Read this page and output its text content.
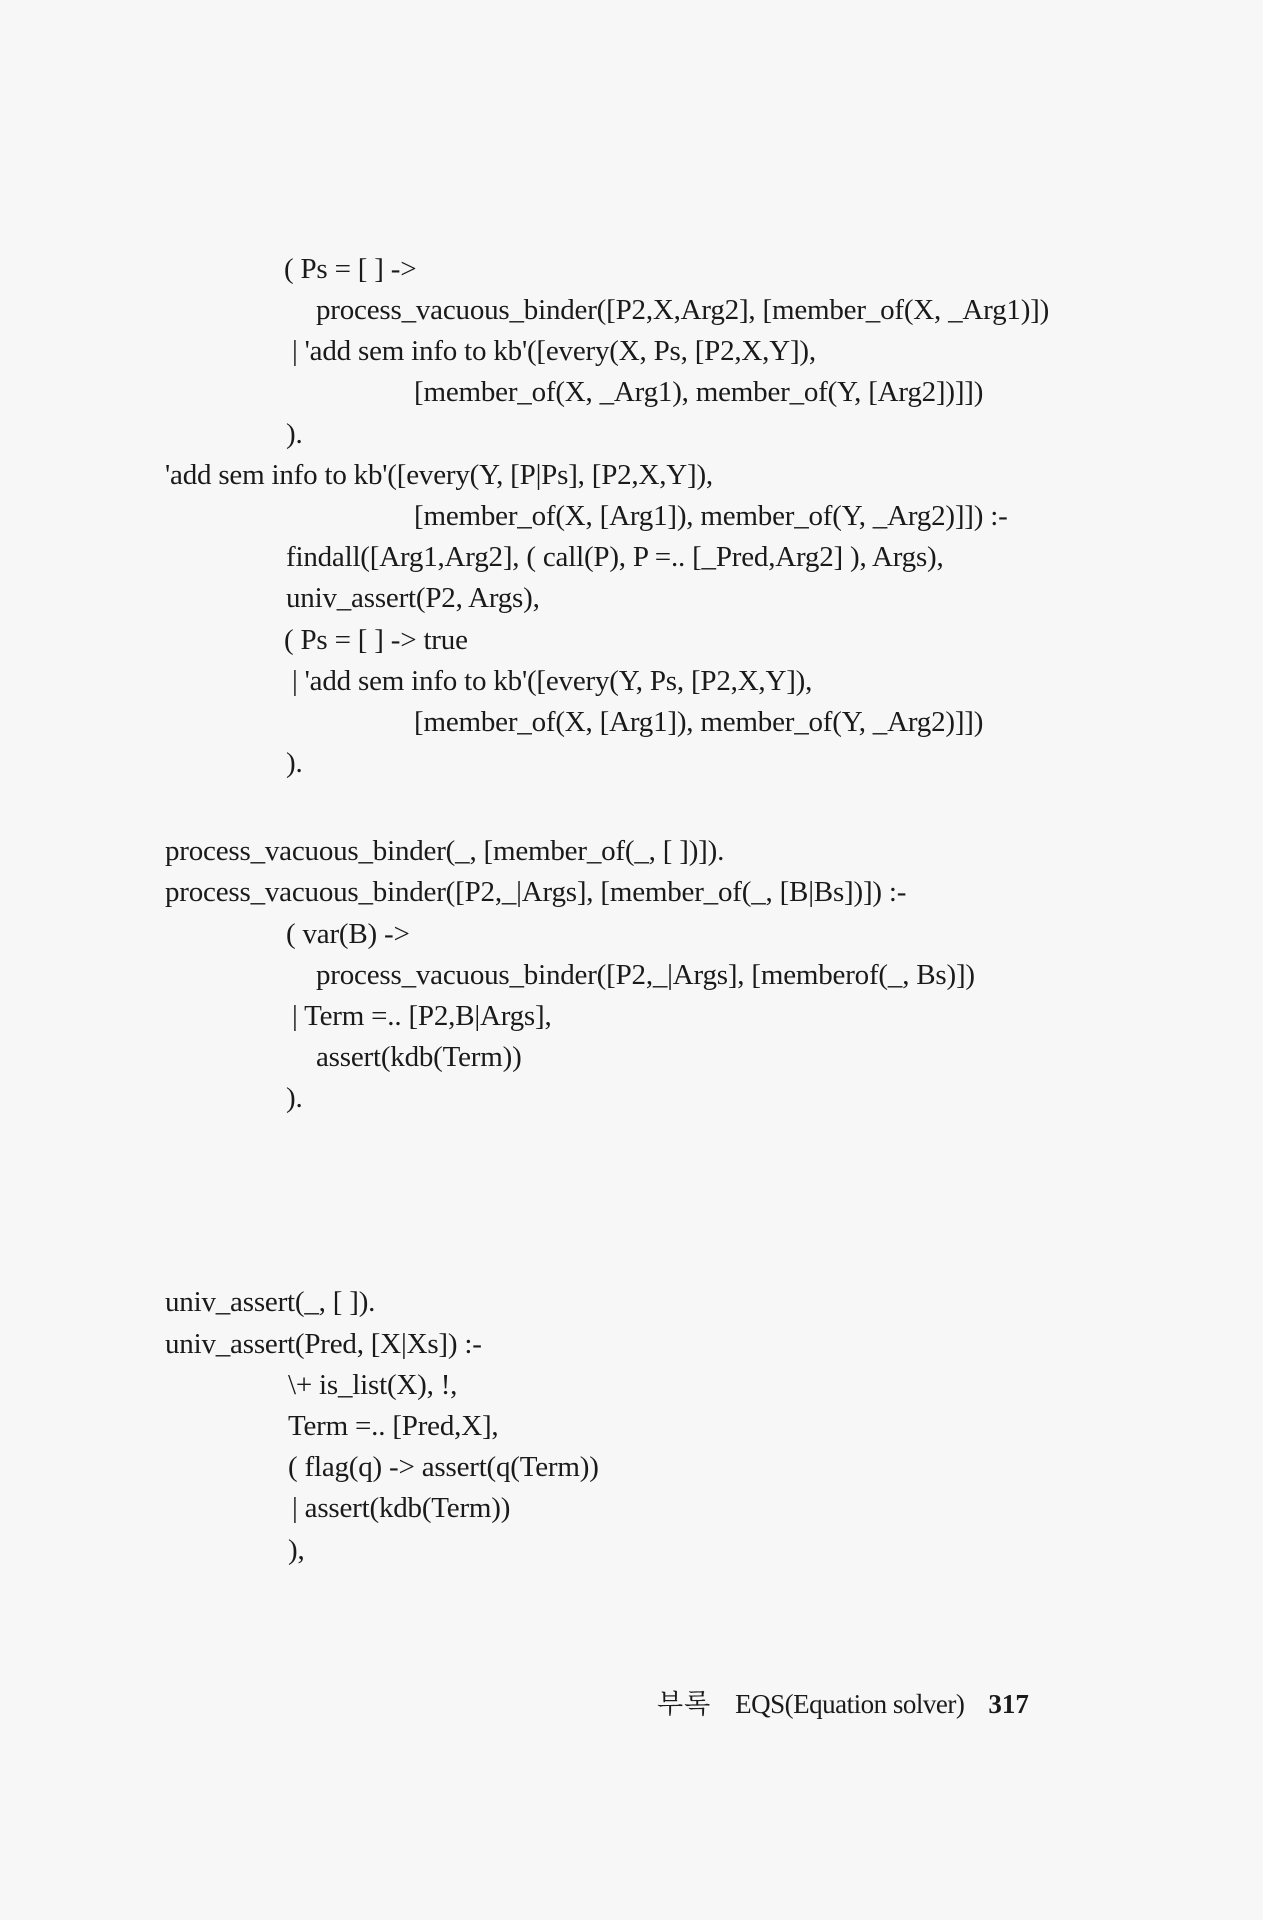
( Ps = [ ] ->
process_vacuous_binder([P2,X,Arg2], [member_of(X, _Arg1)])
| 'add sem info to kb'([every(X, Ps, [P2,X,Y]),
[member_of(X, _Arg1), member_of(Y, [Arg2])]])
).
'add sem info to kb'([every(Y, [P|Ps], [P2,X,Y]),
[member_of(X, [Arg1]), member_of(Y, _Arg2)]]) :-
findall([Arg1,Arg2], ( call(P), P =.. [_Pred,Arg2] ), Args),
univ_assert(P2, Args),
( Ps = [ ] -> true
| 'add sem info to kb'([every(Y, Ps, [P2,X,Y]),
[member_of(X, [Arg1]), member_of(Y, _Arg2)]])
).
process_vacuous_binder(_, [member_of(_, [ ])]).
process_vacuous_binder([P2,_|Args], [member_of(_, [B|Bs])]) :-
( var(B) ->
process_vacuous_binder([P2,_|Args], [memberof(_, Bs)])
| Term =.. [P2,B|Args],
assert(kdb(Term))
).
univ_assert(_, [ ]).
univ_assert(Pred, [X|Xs]) :-
\+ is_list(X), !,
Term =.. [Pred,X],
( flag(q) -> assert(q(Term))
| assert(kdb(Term))
),

부록 EQS(Equation solver) 317
